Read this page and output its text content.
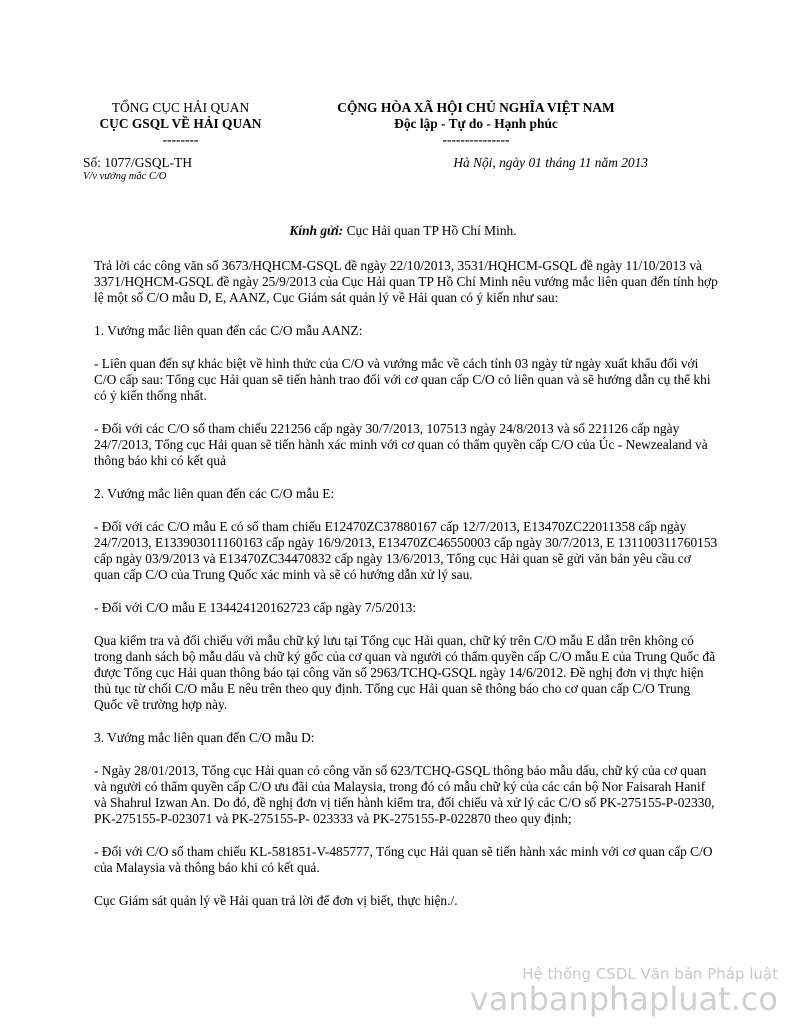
TỔNG CỤC HẢI QUAN
CỤC GSQL VỀ HẢI QUAN
--------
CỘNG HÒA XÃ HỘI CHỦ NGHĨA VIỆT NAM
Độc lập - Tự do - Hạnh phúc
---------------
Số: 1077/GSQL-TH
V/v vướng mắc C/O
Hà Nội, ngày 01 tháng 11 năm 2013
Kính gửi: Cục Hải quan TP Hồ Chí Minh.

Trả lời các công văn số 3673/HQHCM-GSQL đề ngày 22/10/2013, 3531/HQHCM-GSQL đề ngày 11/10/2013 và 3371/HQHCM-GSQL đề ngày 25/9/2013 của Cục Hải quan TP Hồ Chí Minh nêu vướng mắc liên quan đến tính hợp lệ một số C/O mẫu D, E, AANZ, Cục Giám sát quản lý về Hải quan có ý kiến như sau:

1. Vướng mắc liên quan đến các C/O mẫu AANZ:

- Liên quan đến sự khác biệt về hình thức của C/O và vướng mắc về cách tính 03 ngày từ ngày xuất khẩu đối với C/O cấp sau: Tổng cục Hải quan sẽ tiến hành trao đổi với cơ quan cấp C/O có liên quan và sẽ hướng dẫn cụ thể khi có ý kiến thống nhất.

- Đối với các C/O số tham chiếu 221256 cấp ngày 30/7/2013, 107513 ngày 24/8/2013 và số 221126 cấp ngày 24/7/2013, Tổng cục Hải quan sẽ tiến hành xác minh với cơ quan có thẩm quyền cấp C/O của Úc - Newzealand và thông báo khi có kết quả

2. Vướng mắc liên quan đến các C/O mẫu E:

- Đối với các C/O mẫu E có số tham chiếu E12470ZC37880167 cấp 12/7/2013, E13470ZC22011358 cấp ngày 24/7/2013, E133903011160163 cấp ngày 16/9/2013, E13470ZC46550003 cấp ngày 30/7/2013, E 131100311760153 cấp ngày 03/9/2013 và E13470ZC34470832 cấp ngày 13/6/2013, Tổng cục Hải quan sẽ gửi văn bản yêu cầu cơ quan cấp C/O của Trung Quốc xác minh và sẽ có hướng dẫn xử lý sau.

- Đối với C/O mẫu E 134424120162723 cấp ngày 7/5/2013:

Qua kiểm tra và đối chiếu với mẫu chữ ký lưu tại Tổng cục Hải quan, chữ ký trên C/O mẫu E dẫn trên không có trong danh sách bộ mẫu dấu và chữ ký gốc của cơ quan và người có thẩm quyền cấp C/O mẫu E của Trung Quốc đã được Tổng cục Hải quan thông báo tại công văn số 2963/TCHQ-GSQL ngày 14/6/2012. Đề nghị đơn vị thực hiện thủ tục từ chối C/O mẫu E nêu trên theo quy định. Tổng cục Hải quan sẽ thông báo cho cơ quan cấp C/O Trung Quốc về trường hợp này.

3. Vướng mắc liên quan đến C/O mẫu D:

- Ngày 28/01/2013, Tổng cục Hải quan có công văn số 623/TCHQ-GSQL thông báo mẫu dấu, chữ ký của cơ quan và người có thẩm quyền cấp C/O ưu đãi của Malaysia, trong đó có mẫu chữ ký của các cán bộ Nor Faisarah Hanif và Shahrul Izwan An. Do đó, đề nghị đơn vị tiến hành kiểm tra, đối chiếu và xử lý các C/O số PK-275155-P-02330, PK-275155-P-023071 và PK-275155-P- 023333 và PK-275155-P-022870 theo quy định;

- Đối với C/O số tham chiếu KL-581851-V-485777, Tổng cục Hải quan sẽ tiến hành xác minh với cơ quan cấp C/O của Malaysia và thông báo khi có kết quả.

Cục Giám sát quản lý về Hải quan trả lời để đơn vị biết, thực hiện./.

Hệ thống CSDL Văn bản Pháp luật
vanbanphapluat.co
